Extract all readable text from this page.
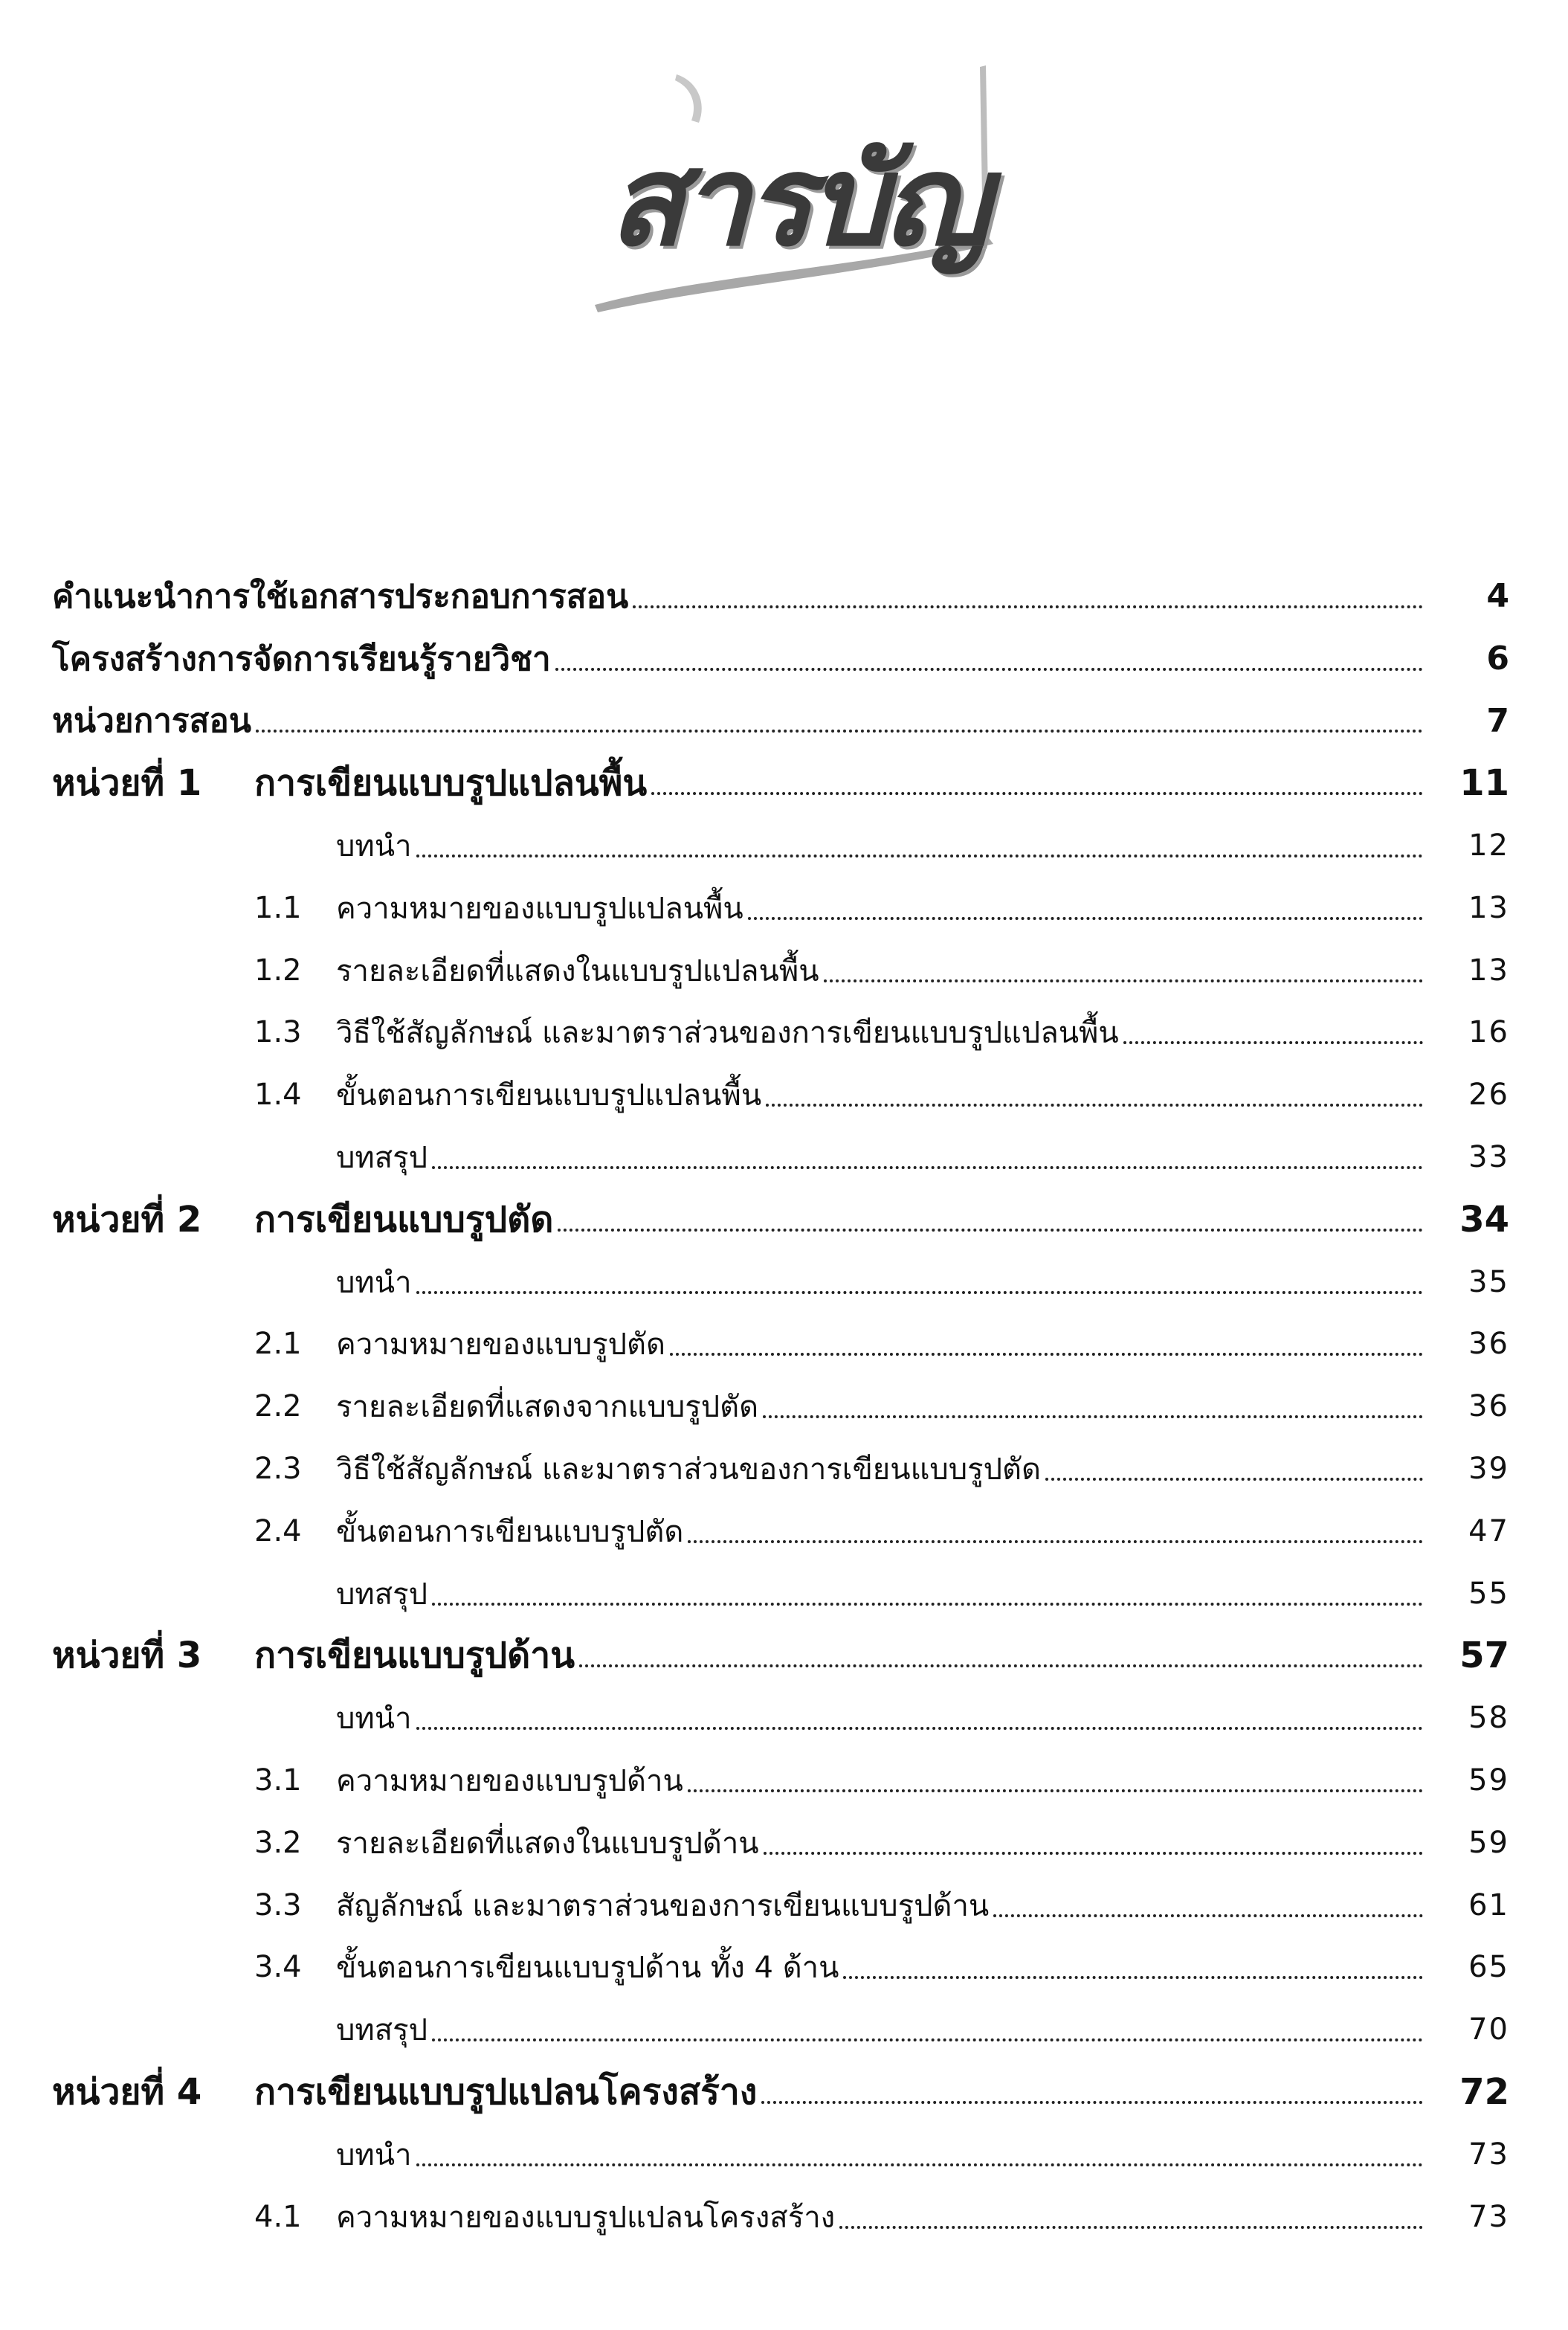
สารบัญ
คำแนะนำการใช้เอกสารประกอบการสอน	4
โครงสร้างการจัดการเรียนรู้รายวิชา	6
หน่วยการสอน	7
หน่วยที่ 1 การเขียนแบบรูปแปลนพื้น	11
บทนำ	12
1.1	ความหมายของแบบรูปแปลนพื้น	13
1.2	รายละเอียดที่แสดงในแบบรูปแปลนพื้น	13
1.3	วิธีใช้สัญลักษณ์ และมาตราส่วนของการเขียนแบบรูปแปลนพื้น	16
1.4	ขั้นตอนการเขียนแบบรูปแปลนพื้น	26
บทสรุป	33
หน่วยที่ 2 การเขียนแบบรูปตัด	34
บทนำ	35
2.1	ความหมายของแบบรูปตัด	36
2.2	รายละเอียดที่แสดงจากแบบรูปตัด	36
2.3	วิธีใช้สัญลักษณ์ และมาตราส่วนของการเขียนแบบรูปตัด	39
2.4	ขั้นตอนการเขียนแบบรูปตัด	47
บทสรุป	55
หน่วยที่ 3 การเขียนแบบรูปด้าน	57
บทนำ	58
3.1	ความหมายของแบบรูปด้าน	59
3.2	รายละเอียดที่แสดงในแบบรูปด้าน	59
3.3	สัญลักษณ์ และมาตราส่วนของการเขียนแบบรูปด้าน	61
3.4	ขั้นตอนการเขียนแบบรูปด้าน ทั้ง 4 ด้าน	65
บทสรุป	70
หน่วยที่ 4 การเขียนแบบรูปแปลนโครงสร้าง	72
บทนำ	73
4.1	ความหมายของแบบรูปแปลนโครงสร้าง	73
